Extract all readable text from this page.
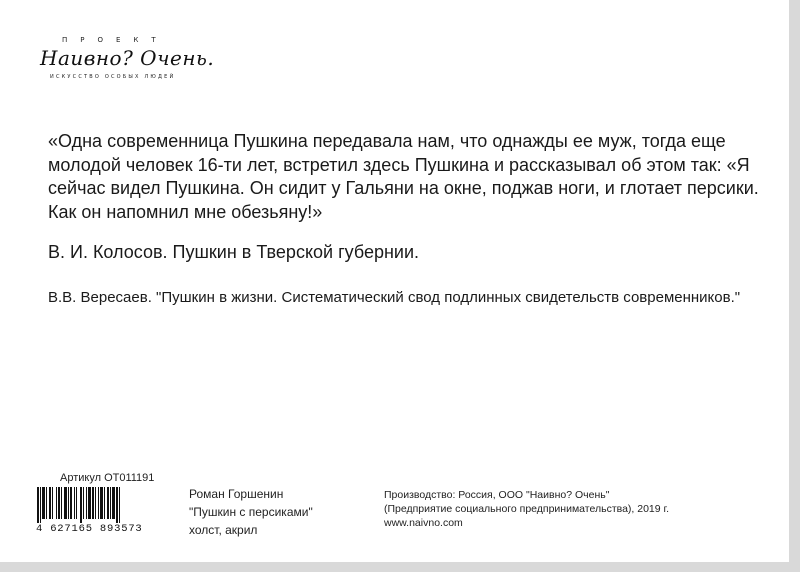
ПРОЕКТ
Наивно? Очень.
ИСКУССТВО ОСОБЫХ ЛЮДЕЙ
«Одна современница Пушкина передавала нам, что однажды ее муж, тогда еще молодой человек 16-ти лет, встретил здесь Пушкина и рассказывал об этом так: «Я сейчас видел Пушкина. Он сидит у Гальяни на окне, поджав ноги, и глотает персики. Как он напомнил мне обезьяну!»
В. И. Колосов. Пушкин в Тверской губернии.
В.В. Вересаев. "Пушкин в жизни. Систематический свод подлинных свидетельств современников."
Артикул OT011191
4 627165 893573
Роман Горшенин
"Пушкин с персиками"
холст, акрил
Производство: Россия, ООО "Наивно? Очень"
(Предприятие социального предпринимательства), 2019 г.
www.naivno.com
